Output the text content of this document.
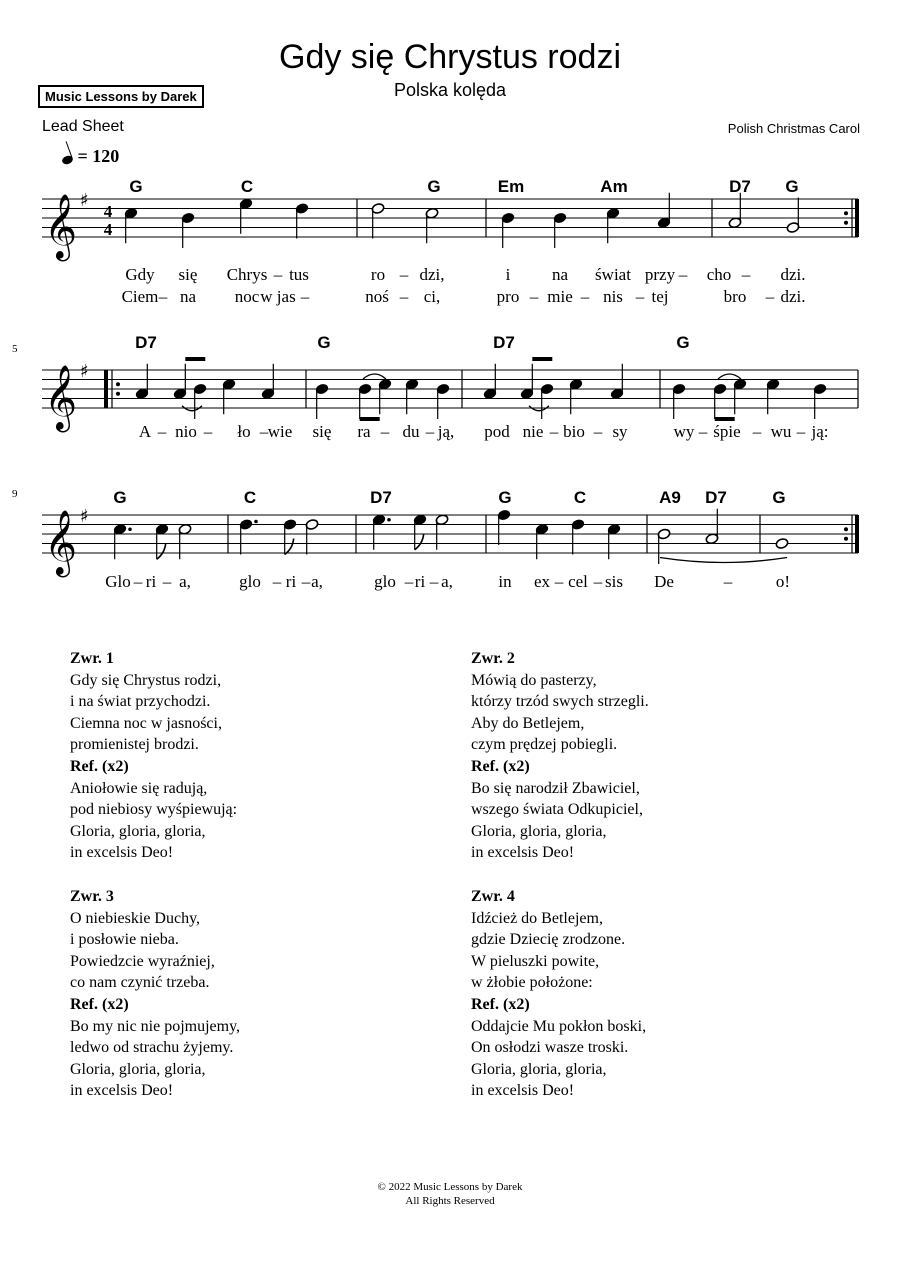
Gdy się Chrystus rodzi
Polska kolęda
Music Lessons by Darek
Lead Sheet	Polish Christmas Carol
= 120
𝄞 ♯
4
4
G	C	G	Em	Am	D7 G
Gdy się Chrys – tus	ro – dzi,	i na świat przy – cho – dzi.
Ciem – na noc w jas –	noś – ci,	pro – mie – nis – tej	bro – dzi.
5
𝄞 ♯
D7	G	D7	G
A – nio – ło – wie się ra – du – ją, pod nie – bio – sy	wy – śpie – wu – ją:
9
𝄞 ♯
G	C	D7	G	C	A9 D7	G
Glo – ri – a,	glo – ri – a,	glo – ri – a,	in ex – cel – sis De	–	o!
Zwr. 1
Gdy się Chrystus rodzi,
i na świat przychodzi.
Ciemna noc w jasności,
promienistej brodzi.
Ref. (x2)
Aniołowie się radują,
pod niebiosy wyśpiewują:
Gloria, gloria, gloria,
in excelsis Deo!
Zwr. 2
Mówią do pasterzy,
którzy trzód swych strzegli.
Aby do Betlejem,
czym prędzej pobiegli.
Ref. (x2)
Bo się narodził Zbawiciel,
wszego świata Odkupiciel,
Gloria, gloria, gloria,
in excelsis Deo!
Zwr. 3
O niebieskie Duchy,
i posłowie nieba.
Powiedzcie wyraźniej,
co nam czynić trzeba.
Ref. (x2)
Bo my nic nie pojmujemy,
ledwo od strachu żyjemy.
Gloria, gloria, gloria,
in excelsis Deo!
Zwr. 4
Idźcież do Betlejem,
gdzie Dziecię zrodzone.
W pieluszki powite,
w żłobie położone:
Ref. (x2)
Oddajcie Mu pokłon boski,
On osłodzi wasze troski.
Gloria, gloria, gloria,
in excelsis Deo!
© 2022 Music Lessons by Darek
All Rights Reserved
